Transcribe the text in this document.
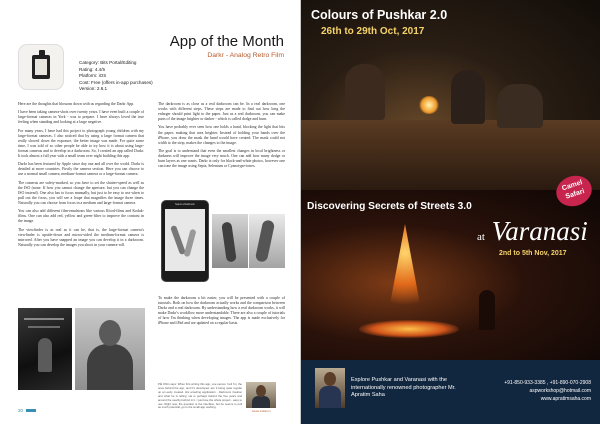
Category: Bits Portal/Editing
Rating: 4.4/5
Platform: iOS
Cost: Free (offers in-app purchases)
Version: 2.6.1
App of the Month
Darkr - Analog Retro Film

Here are the thoughts that blossom down with us regarding the Darkr App.

I have been taking camera-shots over twenty years. I have even built a couple of large-format cameras in York - was to prepare. I have always loved the true feeling when standing and looking at a large negative.

For many years, I have had this project to photograph young children with my large-format cameras. I also noticed that by using a large format camera that really slowed down the exposure, the better image was made. For quite some time, I was told of so other people be able to try how it is about using large-format cameras and to develop in a darkroom. So, I created an app called Darkr. It took almost a full year with a small team over night building this app.

Darkr has been featured by Apple since day one and all over the world. Darkr is detailed at more countries. Firstly the camera section. Here you can choose to use a normal small camera, medium-format camera or a large-format camera.

The cameras are safety-marked, so you have to set the shutter-speed as well as the ISO (none. If how you cannot change the aperture, but you can change the ISO instead). One also has to focus manually, but just to be easy to use when to pull out the focus, you will see a loupe that magnifies the image three times. Naturally you can choose from focus in a medium and large-format camera.

You can also add different film-emulsions like various Ilford-films and Kodak-films. One can also add red, yellow and green-filter to improve the contrast in the image.

The viewfinder is as real as it can be, that is, the large-format camera's viewfinder is upside-down and mirror-sided the medium-format camera is mirrored. After you have snapped an image you can develop it in a darkroom. Naturally you can develop the images you shoot in your camera-roll.

The darkroom is as close as a real darkroom can be. In a real darkroom, one works with different steps. These steps are made to find out how long the enlarger should print light to the paper. Just as a real darkroom, you can make parts of the image brighter or darker - which is called dodge and burn.

You have probably ever seen how one holds a hand, blocking the light that hits the paper, making that area brighter. Instead of holding your hands over the iPhone, you draw the mask the hand would have created. The mask could not width to the strip, makes the changes to the image.

The goal is to understand that even the smallest changes in local brightness or darkness will improve the image very much. One can add how many dodge or burn layers as one wants. Darkr is only for black-and-white photos, however one can tone the image using Sepia, Selenium or Cyanotype-tones.

Select a Darkroom

To make the darkroom a bit easier, you will be presented with a couple of tutorials. Both on how the darkroom actually works and the comparison between Darkr and a real darkroom. By understanding how a real darkroom works, it will make Darkr's workflow more understandable. There are also a couple of tutorials of how I'm thinking when developing images. The app is made exclusively for iPhone and iPad and are updated on a regular basis.

Pål Ohlin says: When first writing this app, one person I tell I'm, the ones behind the app, and it's developed, are it being quite regular up an early created. His amazing application - Darkroom Caution and what he is telling. He is perhaps behind the five years and around the nearby behind in it. I just love the whole project - easy to use. Right now, the question is the interface, but he seems to pull as much potential, go to the small app working.
Jonas Lidstrom
30
Colours of Pushkar 2.0
26th to 29th Oct, 2017
Camel Safari
Discovering Secrets of Streets 3.0
at Varanasi
2nd to 5th Nov, 2017
Explore Pushkar and Varanasi with the internationally renowned photographer Mr. Apratim Saha
+91-850-933-3385 , +91-890-070-2908
aspworkshop@hotmail.com
www.apratimsaha.com
